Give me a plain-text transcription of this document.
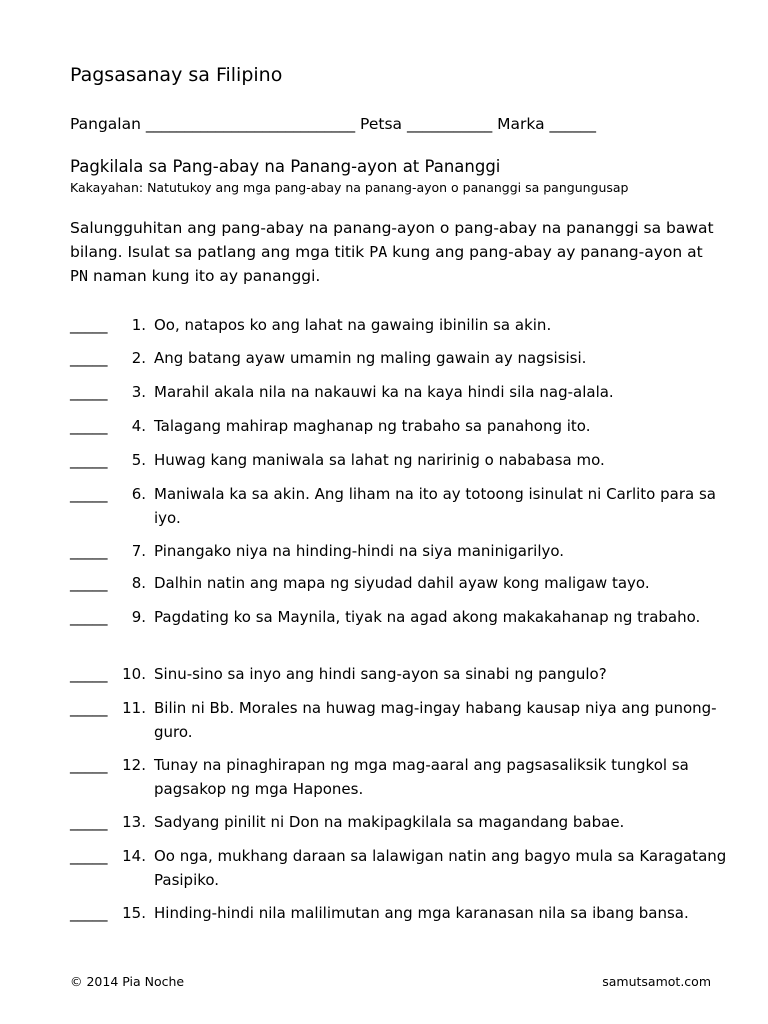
Pagsasanay sa Filipino
Pangalan ___________________________ Petsa ___________ Marka ______
Pagkilala sa Pang-abay na Panang-ayon at Pananggi
Kakayahan: Natutukoy ang mga pang-abay na panang-ayon o pananggi sa pangungusap
Salungguhitan ang pang-abay na panang-ayon o pang-abay na pananggi sa bawat bilang. Isulat sa patlang ang mga titik PA kung ang pang-abay ay panang-ayon at PN naman kung ito ay pananggi.
_____	1. Oo, natapos ko ang lahat na gawaing ibinilin sa akin.
_____	2. Ang batang ayaw umamin ng maling gawain ay nagsisisi.
_____	3. Marahil akala nila na nakauwi ka na kaya hindi sila nag-alala.
_____	4. Talagang mahirap maghanap ng trabaho sa panahong ito.
_____	5. Huwag kang maniwala sa lahat ng naririnig o nababasa mo.
_____	6. Maniwala ka sa akin. Ang liham na ito ay totoong isinulat ni Carlito para sa iyo.
_____	7. Pinangako niya na hinding-hindi na siya maninigarilyo.
_____	8. Dalhin natin ang mapa ng siyudad dahil ayaw kong maligaw tayo.
_____	9. Pagdating ko sa Maynila, tiyak na agad akong makakahanap ng trabaho.
_____ 10. Sinu-sino sa inyo ang hindi sang-ayon sa sinabi ng pangulo?
_____ 11. Bilin ni Bb. Morales na huwag mag-ingay habang kausap niya ang punong-guro.
_____ 12. Tunay na pinaghirapan ng mga mag-aaral ang pagsasaliksik tungkol sa pagsakop ng mga Hapones.
_____ 13. Sadyang pinilit ni Don na makipagkilala sa magandang babae.
_____ 14. Oo nga, mukhang daraan sa lalawigan natin ang bagyo mula sa Karagatang Pasipiko.
_____ 15. Hinding-hindi nila malilimutan ang mga karanasan nila sa ibang bansa.
© 2014 Pia Noche	samutsamot.com
